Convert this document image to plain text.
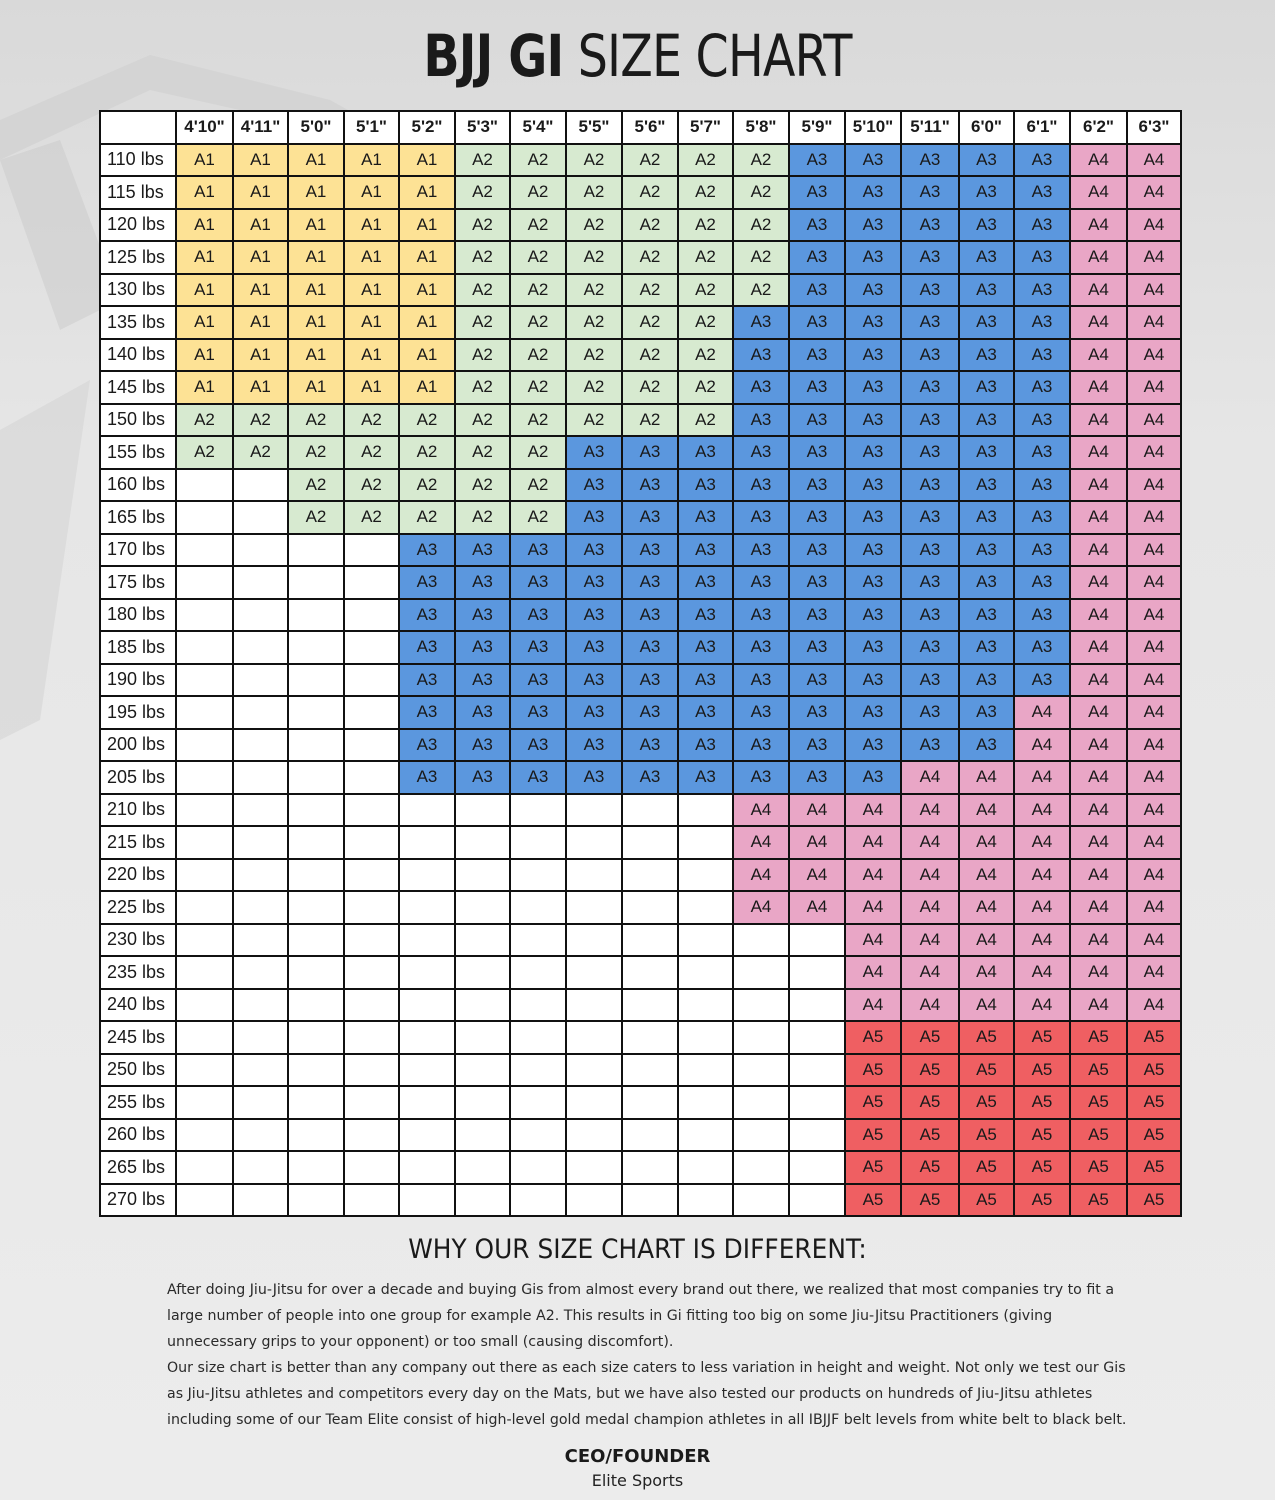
BJJ GI SIZE CHART
	4'10"	4'11"	5'0"	5'1"	5'2"	5'3"	5'4"	5'5"	5'6"	5'7"	5'8"	5'9"	5'10"	5'11"	6'0"	6'1"	6'2"	6'3"
110 lbs	A1	A1	A1	A1	A1	A2	A2	A2	A2	A2	A2	A3	A3	A3	A3	A3	A4	A4
115 lbs	A1	A1	A1	A1	A1	A2	A2	A2	A2	A2	A2	A3	A3	A3	A3	A3	A4	A4
120 lbs	A1	A1	A1	A1	A1	A2	A2	A2	A2	A2	A2	A3	A3	A3	A3	A3	A4	A4
125 lbs	A1	A1	A1	A1	A1	A2	A2	A2	A2	A2	A2	A3	A3	A3	A3	A3	A4	A4
130 lbs	A1	A1	A1	A1	A1	A2	A2	A2	A2	A2	A2	A3	A3	A3	A3	A3	A4	A4
135 lbs	A1	A1	A1	A1	A1	A2	A2	A2	A2	A2	A3	A3	A3	A3	A3	A3	A4	A4
140 lbs	A1	A1	A1	A1	A1	A2	A2	A2	A2	A2	A3	A3	A3	A3	A3	A3	A4	A4
145 lbs	A1	A1	A1	A1	A1	A2	A2	A2	A2	A2	A3	A3	A3	A3	A3	A3	A4	A4
150 lbs	A2	A2	A2	A2	A2	A2	A2	A2	A2	A2	A3	A3	A3	A3	A3	A3	A4	A4
155 lbs	A2	A2	A2	A2	A2	A2	A2	A3	A3	A3	A3	A3	A3	A3	A3	A3	A4	A4
160 lbs			A2	A2	A2	A2	A2	A3	A3	A3	A3	A3	A3	A3	A3	A3	A4	A4
165 lbs			A2	A2	A2	A2	A2	A3	A3	A3	A3	A3	A3	A3	A3	A3	A4	A4
170 lbs					A3	A3	A3	A3	A3	A3	A3	A3	A3	A3	A3	A3	A4	A4
175 lbs					A3	A3	A3	A3	A3	A3	A3	A3	A3	A3	A3	A3	A4	A4
180 lbs					A3	A3	A3	A3	A3	A3	A3	A3	A3	A3	A3	A3	A4	A4
185 lbs					A3	A3	A3	A3	A3	A3	A3	A3	A3	A3	A3	A3	A4	A4
190 lbs					A3	A3	A3	A3	A3	A3	A3	A3	A3	A3	A3	A3	A4	A4
195 lbs					A3	A3	A3	A3	A3	A3	A3	A3	A3	A3	A3	A4	A4	A4
200 lbs					A3	A3	A3	A3	A3	A3	A3	A3	A3	A3	A3	A4	A4	A4
205 lbs					A3	A3	A3	A3	A3	A3	A3	A3	A3	A4	A4	A4	A4	A4
210 lbs											A4	A4	A4	A4	A4	A4	A4	A4
215 lbs											A4	A4	A4	A4	A4	A4	A4	A4
220 lbs											A4	A4	A4	A4	A4	A4	A4	A4
225 lbs											A4	A4	A4	A4	A4	A4	A4	A4
230 lbs													A4	A4	A4	A4	A4	A4
235 lbs													A4	A4	A4	A4	A4	A4
240 lbs													A4	A4	A4	A4	A4	A4
245 lbs													A5	A5	A5	A5	A5	A5
250 lbs													A5	A5	A5	A5	A5	A5
255 lbs													A5	A5	A5	A5	A5	A5
260 lbs													A5	A5	A5	A5	A5	A5
265 lbs													A5	A5	A5	A5	A5	A5
270 lbs													A5	A5	A5	A5	A5	A5
WHY OUR SIZE CHART IS DIFFERENT:

After doing Jiu-Jitsu for over a decade and buying Gis from almost every brand out there, we realized that most companies try to fit a large number of people into one group for example A2. This results in Gi fitting too big on some Jiu-Jitsu Practitioners (giving unnecessary grips to your opponent) or too small (causing discomfort).

Our size chart is better than any company out there as each size caters to less variation in height and weight. Not only we test our Gis as Jiu-Jitsu athletes and competitors every day on the Mats, but we have also tested our products on hundreds of Jiu-Jitsu athletes including some of our Team Elite consist of high-level gold medal champion athletes in all IBJJF belt levels from white belt to black belt.

CEO/FOUNDER
Elite Sports
